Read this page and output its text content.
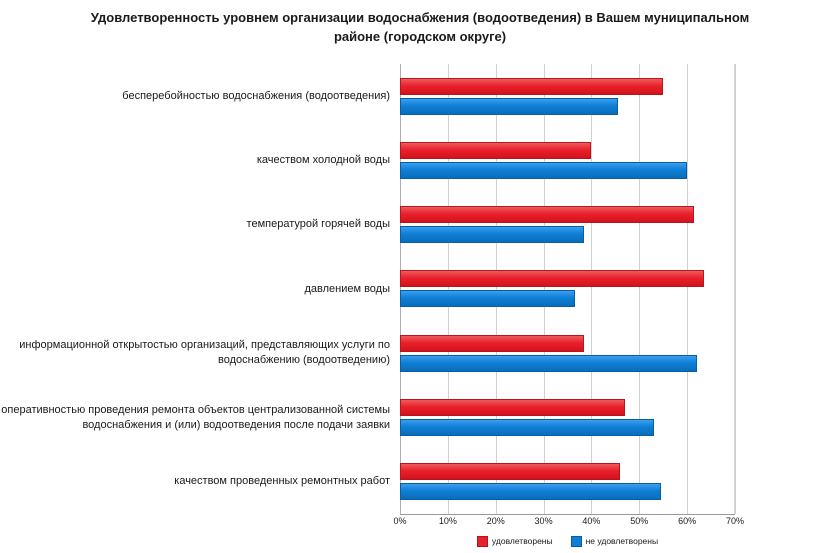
Удовлетворенность уровнем организации водоснабжения (водоотведения) в Вашем муниципальном районе (городском округе)
бесперебойностью водоснабжения (водоотведения)
качеством холодной воды
температурой горячей воды
давлением воды
информационной открытостью организаций, представляющих услуги по водоснабжению (водоотведению)
оперативностью проведения ремонта объектов централизованной системы водоснабжения и (или) водоотведения после подачи заявки
качеством проведенных ремонтных работ
0%	10%	20%	30%	40%	50%	60%	70%
удовлетворены	не удовлетворены
